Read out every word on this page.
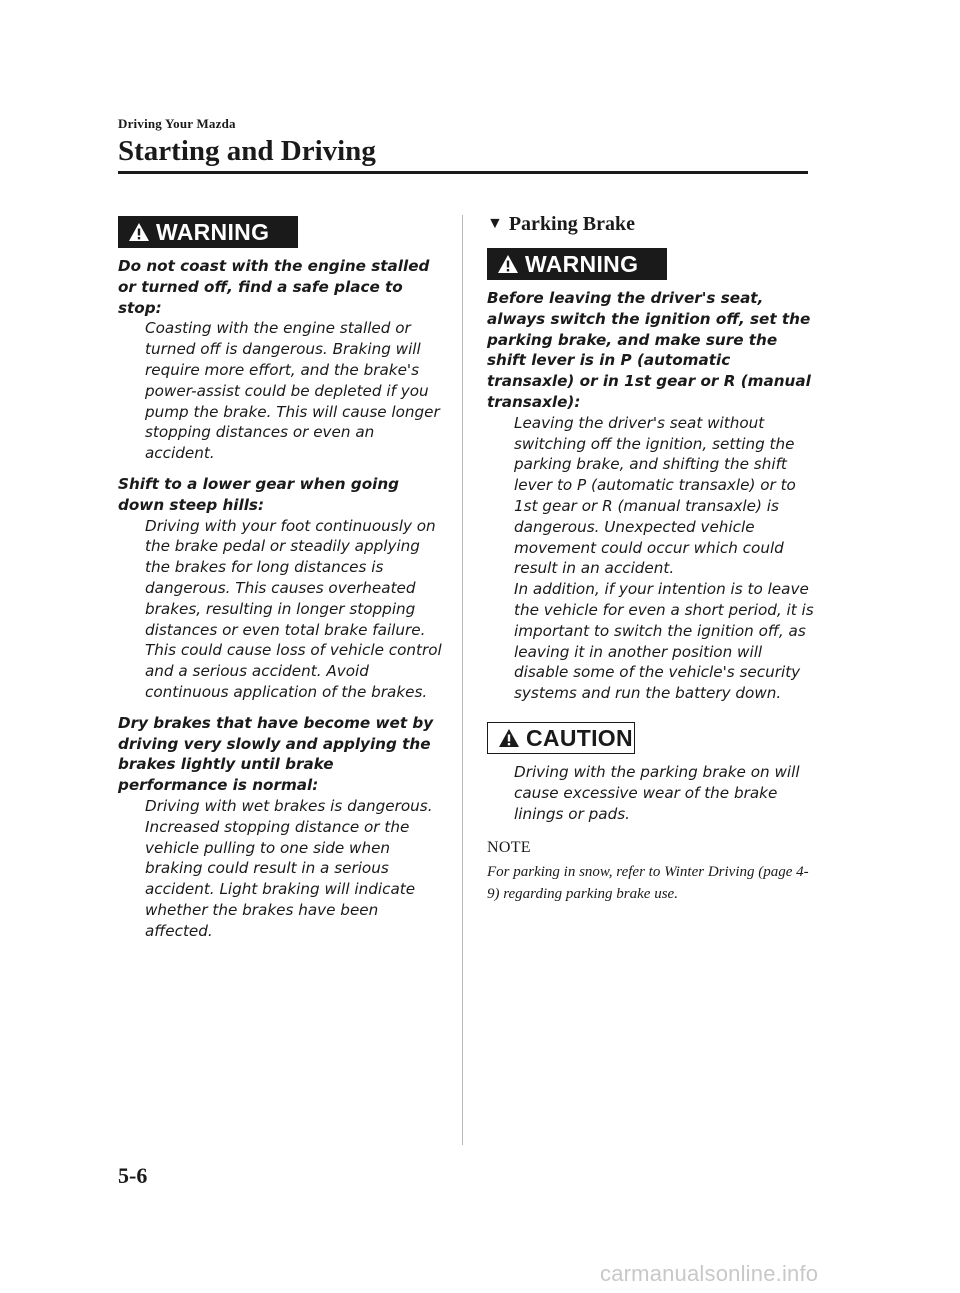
Driving Your Mazda
Starting and Driving
WARNING
Do not coast with the engine stalled or turned off, find a safe place to stop:
Coasting with the engine stalled or turned off is dangerous. Braking will require more effort, and the brake's power-assist could be depleted if you pump the brake. This will cause longer stopping distances or even an accident.
Shift to a lower gear when going down steep hills:
Driving with your foot continuously on the brake pedal or steadily applying the brakes for long distances is dangerous. This causes overheated brakes, resulting in longer stopping distances or even total brake failure. This could cause loss of vehicle control and a serious accident. Avoid continuous application of the brakes.
Dry brakes that have become wet by driving very slowly and applying the brakes lightly until brake performance is normal:
Driving with wet brakes is dangerous. Increased stopping distance or the vehicle pulling to one side when braking could result in a serious accident. Light braking will indicate whether the brakes have been affected.
▼ Parking Brake
WARNING
Before leaving the driver's seat, always switch the ignition off, set the parking brake, and make sure the shift lever is in P (automatic transaxle) or in 1st gear or R (manual transaxle):
Leaving the driver's seat without switching off the ignition, setting the parking brake, and shifting the shift lever to P (automatic transaxle) or to 1st gear or R (manual transaxle) is dangerous. Unexpected vehicle movement could occur which could result in an accident.
In addition, if your intention is to leave the vehicle for even a short period, it is important to switch the ignition off, as leaving it in another position will disable some of the vehicle's security systems and run the battery down.
CAUTION
Driving with the parking brake on will cause excessive wear of the brake linings or pads.
NOTE
For parking in snow, refer to Winter Driving (page 4-9) regarding parking brake use.
5-6
carmanualsonline.info
